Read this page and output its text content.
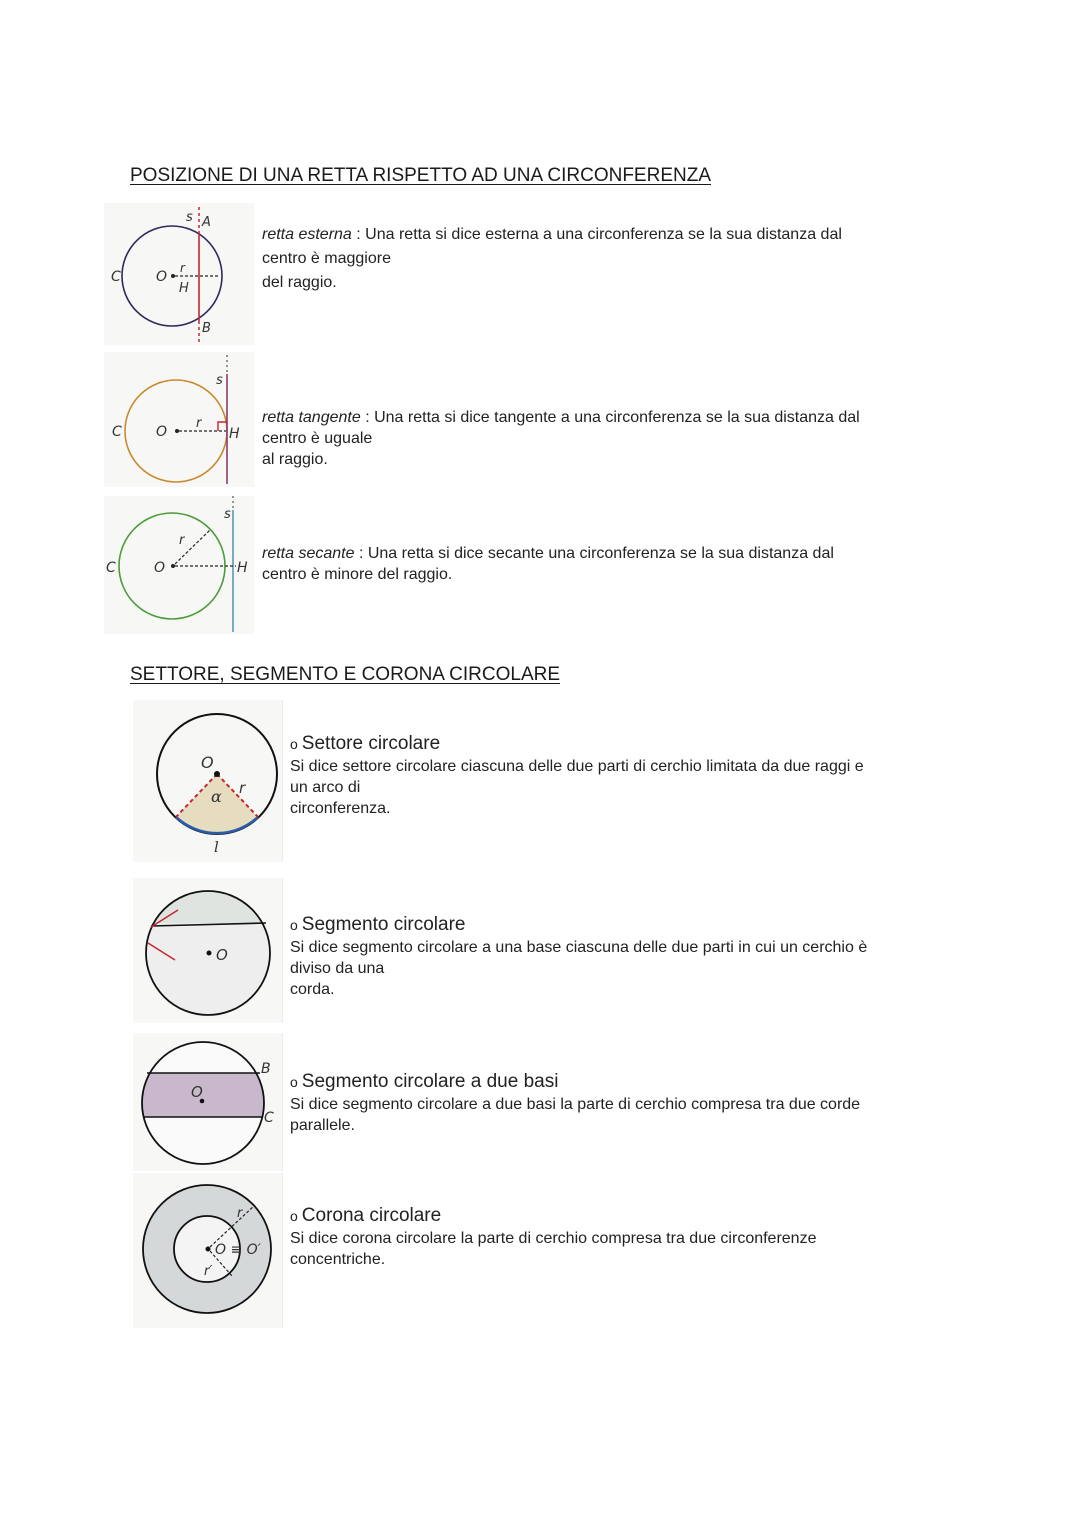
POSIZIONE DI UNA RETTA RISPETTO AD UNA CIRCONFERENZA
s A
B
C	O
r
H
retta esterna : Una retta si dice esterna a una circonferenza se la sua distanza dal
centro è maggiore
del raggio.
s
C O
r
H
retta tangente : Una retta si dice tangente a una circonferenza se la sua distanza dal
centro è uguale
al raggio.
s
C	O
r
H
retta secante : Una retta si dice secante una circonferenza se la sua distanza dal
centro è minore del raggio.
SETTORE, SEGMENTO E CORONA CIRCOLARE
O
α r
l
o Settore circolare
Si dice settore circolare ciascuna delle due parti di cerchio limitata da due raggi e
un arco di
circonferenza.
O
o Segmento circolare
Si dice segmento circolare a una base ciascuna delle due parti in cui un cerchio è
diviso da una
corda.
O
B
C
o Segmento circolare a due basi
Si dice segmento circolare a due basi la parte di cerchio compresa tra due corde
parallele.
O ≡ O′
r
r′
o Corona circolare
Si dice corona circolare la parte di cerchio compresa tra due circonferenze
concentriche.
